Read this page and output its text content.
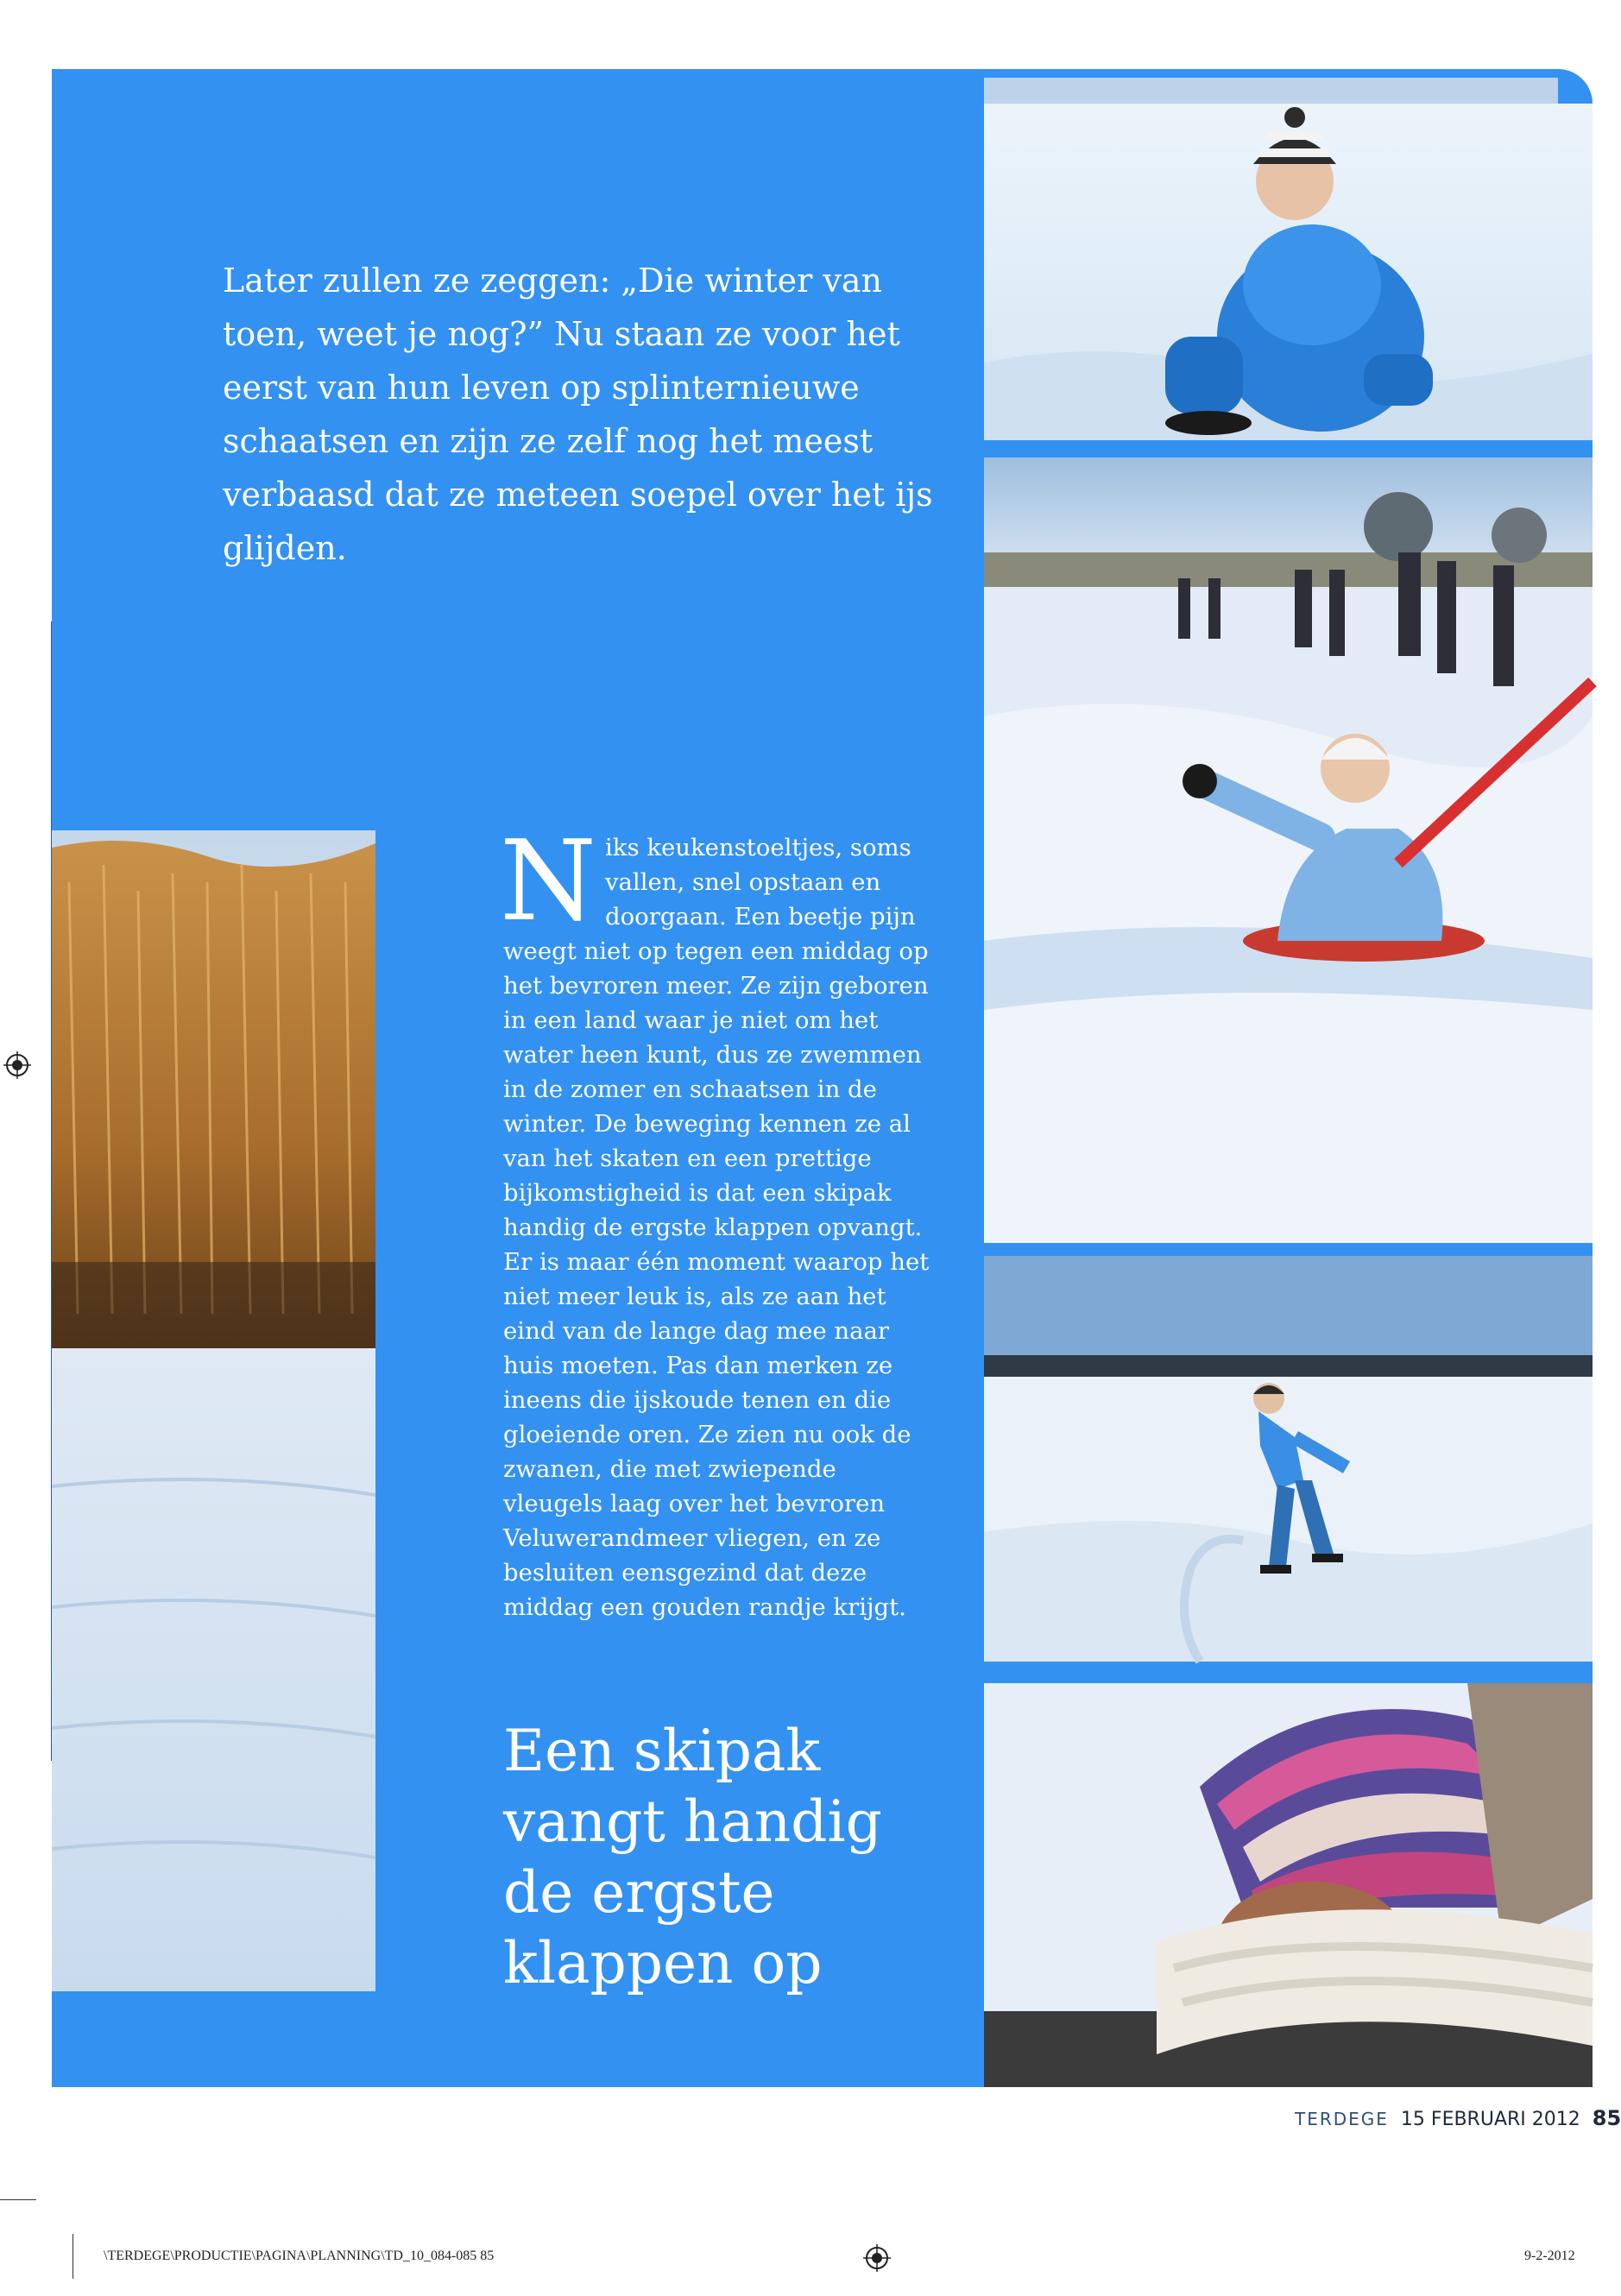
Later zullen ze zeggen: „Die winter van toen, weet je nog?” Nu staan ze voor het eerst van hun leven op splinternieuwe schaatsen en zijn ze zelf nog het meest verbaasd dat ze meteen soepel over het ijs glijden.

Niks keukenstoeltjes, soms vallen, snel opstaan en doorgaan. Een beetje pijn weegt niet op tegen een middag op het bevroren meer. Ze zijn geboren in een land waar je niet om het water heen kunt, dus ze zwemmen in de zomer en schaatsen in de winter. De beweging kennen ze al van het skaten en een prettige bijkomstigheid is dat een skipak handig de ergste klappen opvangt.

Er is maar één moment waarop het niet meer leuk is, als ze aan het eind van de lange dag mee naar huis moeten. Pas dan merken ze ineens die ijskoude tenen en die gloeiende oren. Ze zien nu ook de zwanen, die met zwiepende vleugels laag over het bevroren Veluwerandmeer vliegen, en ze besluiten eensgezind dat deze middag een gouden randje krijgt.

Een skipak vangt handig de ergste klappen op
TERDEGE 15 FEBRUARI 2012 85
\TERDEGE\PRODUCTIE\PAGINA\PLANNING\TD_10_084-085 85	9-2-2012
